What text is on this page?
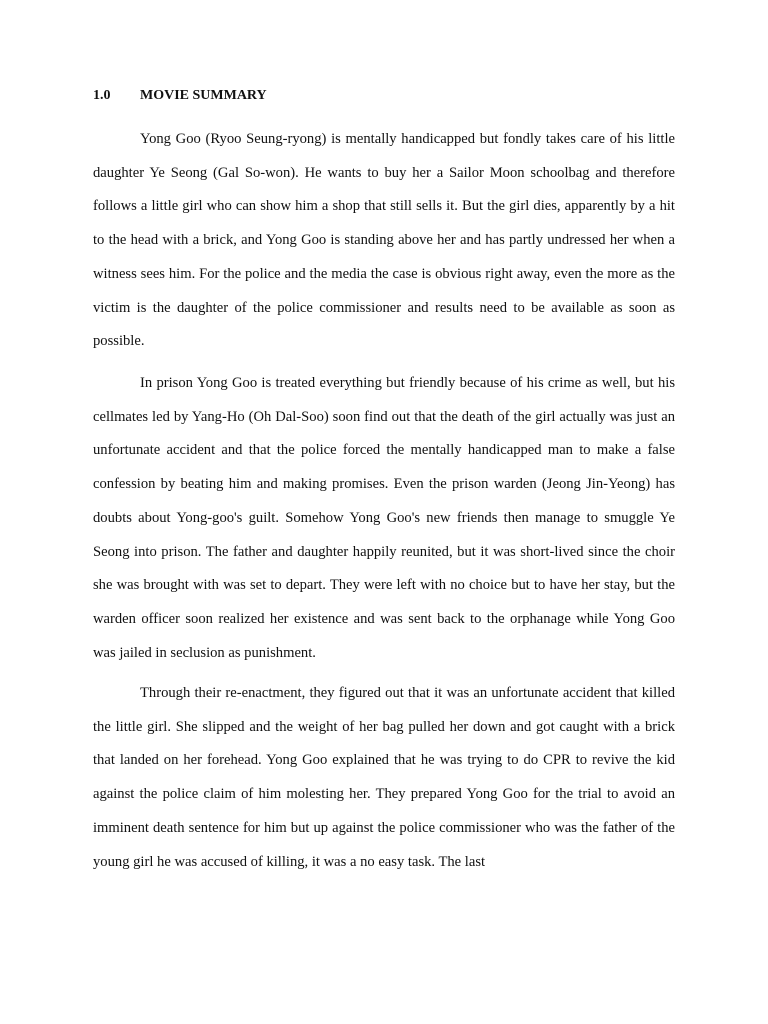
1.0 MOVIE SUMMARY

Yong Goo (Ryoo Seung-ryong) is mentally handicapped but fondly takes care of his little daughter Ye Seong (Gal So-won). He wants to buy her a Sailor Moon schoolbag and therefore follows a little girl who can show him a shop that still sells it. But the girl dies, apparently by a hit to the head with a brick, and Yong Goo is standing above her and has partly undressed her when a witness sees him. For the police and the media the case is obvious right away, even the more as the victim is the daughter of the police commissioner and results need to be available as soon as possible.

In prison Yong Goo is treated everything but friendly because of his crime as well, but his cellmates led by Yang-Ho (Oh Dal-Soo) soon find out that the death of the girl actually was just an unfortunate accident and that the police forced the mentally handicapped man to make a false confession by beating him and making promises. Even the prison warden (Jeong Jin-Yeong) has doubts about Yong-goo's guilt. Somehow Yong Goo's new friends then manage to smuggle Ye Seong into prison. The father and daughter happily reunited, but it was short-lived since the choir she was brought with was set to depart. They were left with no choice but to have her stay, but the warden officer soon realized her existence and was sent back to the orphanage while Yong Goo was jailed in seclusion as punishment.

Through their re-enactment, they figured out that it was an unfortunate accident that killed the little girl. She slipped and the weight of her bag pulled her down and got caught with a brick that landed on her forehead. Yong Goo explained that he was trying to do CPR to revive the kid against the police claim of him molesting her. They prepared Yong Goo for the trial to avoid an imminent death sentence for him but up against the police commissioner who was the father of the young girl he was accused of killing, it was a no easy task. The last
